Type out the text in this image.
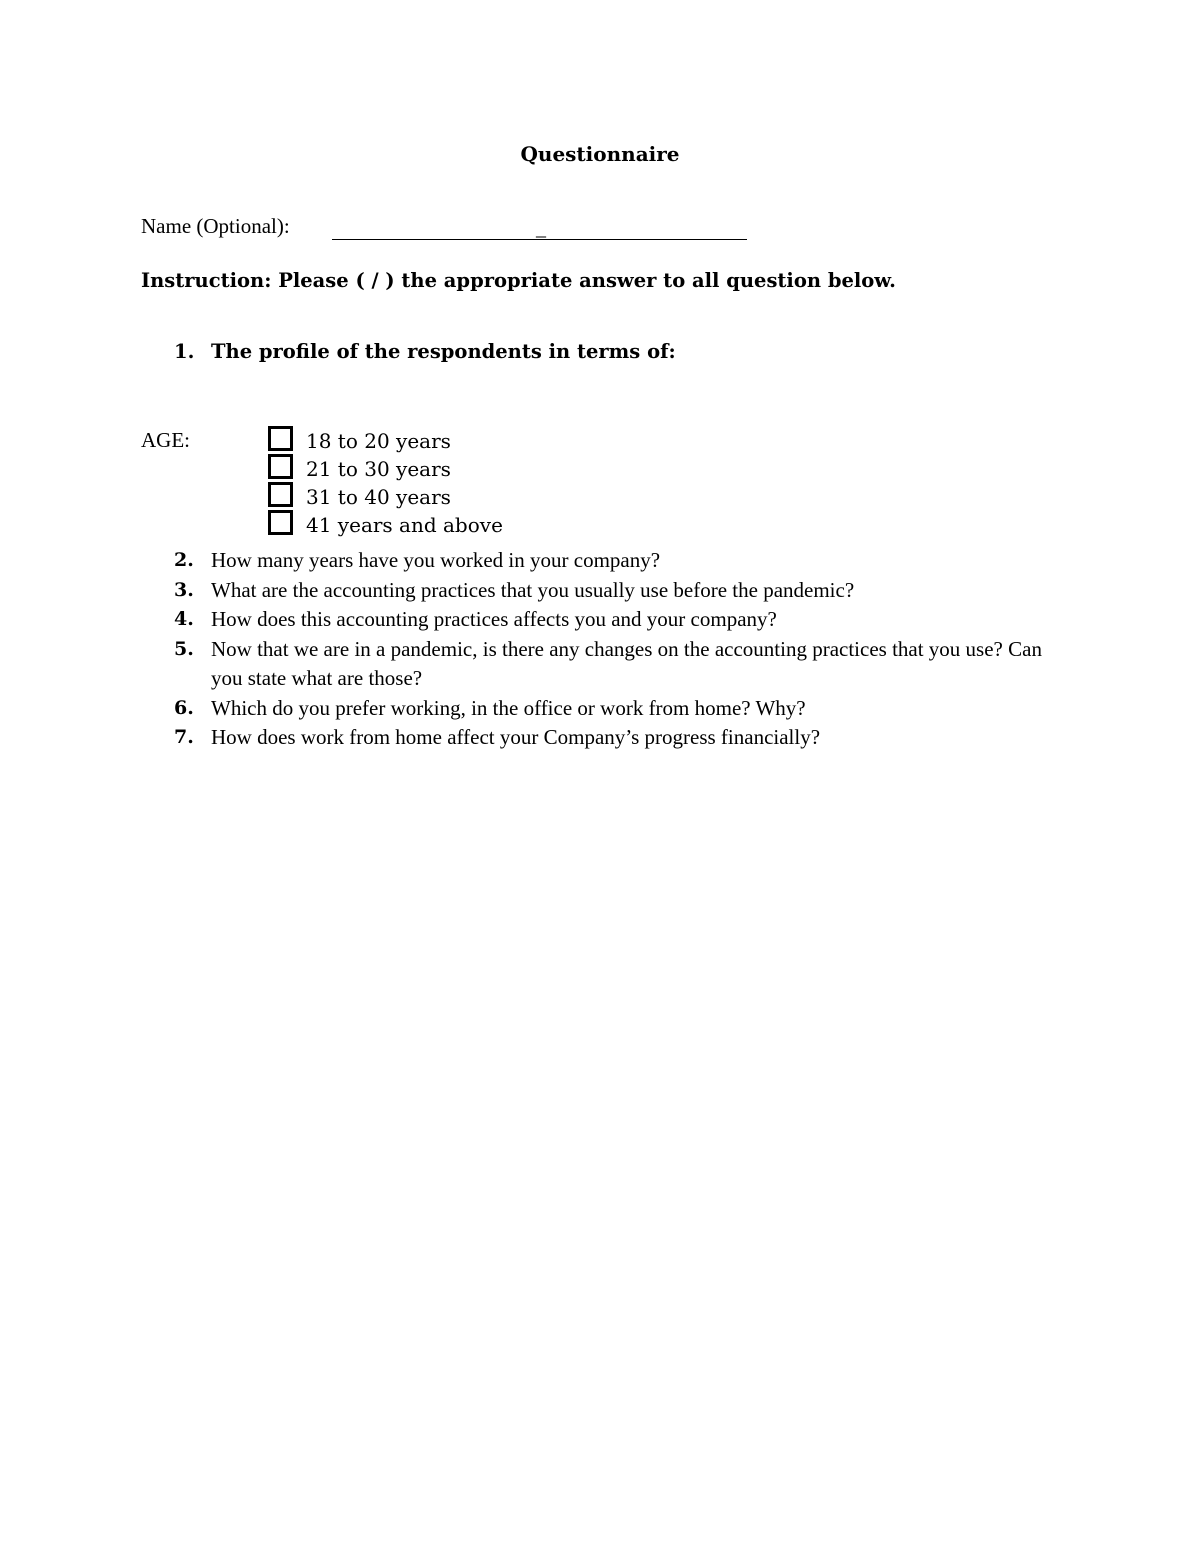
Questionnaire
Name (Optional):	_
Instruction: Please ( / ) the appropriate answer to all question below.
1. The profile of the respondents in terms of:
AGE:	18 to 20 years
21 to 30 years
31 to 40 years
41 years and above
2. How many years have you worked in your company?
3. What are the accounting practices that you usually use before the pandemic?
4. How does this accounting practices affects you and your company?
5. Now that we are in a pandemic, is there any changes on the accounting practices that you use? Can you state what are those?
6. Which do you prefer working, in the office or work from home? Why?
7. How does work from home affect your Company’s progress financially?
